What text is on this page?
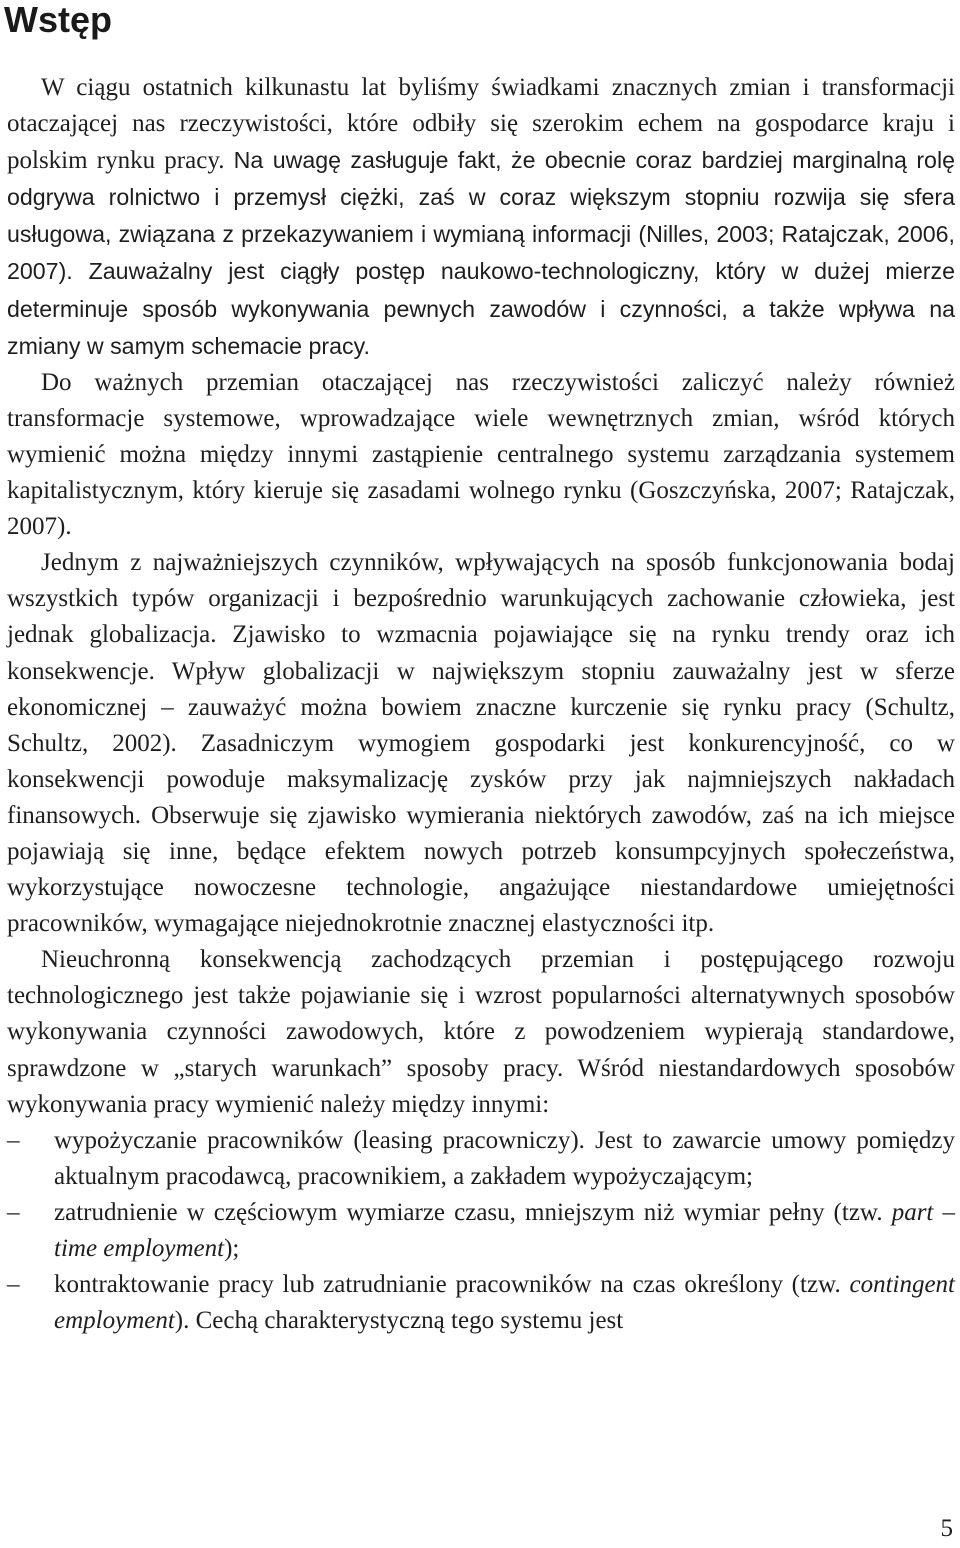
Wstęp

W ciągu ostatnich kilkunastu lat byliśmy świadkami znacznych zmian i transformacji otaczającej nas rzeczywistości, które odbiły się szerokim echem na gospodarce kraju i polskim rynku pracy. Na uwagę zasługuje fakt, że obecnie coraz bardziej marginalną rolę odgrywa rolnictwo i przemysł ciężki, zaś w coraz większym stopniu rozwija się sfera usługowa, związana z przekazywaniem i wymianą informacji (Nilles, 2003; Ratajczak, 2006, 2007). Zauważalny jest ciągły postęp naukowo-technologiczny, który w dużej mierze determinuje sposób wykonywania pewnych zawodów i czynności, a także wpływa na zmiany w samym schemacie pracy.

Do ważnych przemian otaczającej nas rzeczywistości zaliczyć należy również transformacje systemowe, wprowadzające wiele wewnętrznych zmian, wśród których wymienić można między innymi zastąpienie centralnego systemu zarządzania systemem kapitalistycznym, który kieruje się zasadami wolnego rynku (Goszczyńska, 2007; Ratajczak, 2007).

Jednym z najważniejszych czynników, wpływających na sposób funkcjonowania bodaj wszystkich typów organizacji i bezpośrednio warunkujących zachowanie człowieka, jest jednak globalizacja. Zjawisko to wzmacnia pojawiające się na rynku trendy oraz ich konsekwencje. Wpływ globalizacji w największym stopniu zauważalny jest w sferze ekonomicznej – zauważyć można bowiem znaczne kurczenie się rynku pracy (Schultz, Schultz, 2002). Zasadniczym wymogiem gospodarki jest konkurencyjność, co w konsekwencji powoduje maksymalizację zysków przy jak najmniejszych nakładach finansowych. Obserwuje się zjawisko wymierania niektórych zawodów, zaś na ich miejsce pojawiają się inne, będące efektem nowych potrzeb konsumpcyjnych społeczeństwa, wykorzystujące nowoczesne technologie, angażujące niestandardowe umiejętności pracowników, wymagające niejednokrotnie znacznej elastyczności itp.

Nieuchronną konsekwencją zachodzących przemian i postępującego rozwoju technologicznego jest także pojawianie się i wzrost popularności alternatywnych sposobów wykonywania czynności zawodowych, które z powodzeniem wypierają standardowe, sprawdzone w „starych warunkach” sposoby pracy. Wśród niestandardowych sposobów wykonywania pracy wymienić należy między innymi:

– wypożyczanie pracowników (leasing pracowniczy). Jest to zawarcie umowy pomiędzy aktualnym pracodawcą, pracownikiem, a zakładem wypożyczającym;
– zatrudnienie w częściowym wymiarze czasu, mniejszym niż wymiar pełny (tzw. part – time employment);
– kontraktowanie pracy lub zatrudnianie pracowników na czas określony (tzw. contingent employment). Cechą charakterystyczną tego systemu jest
5
